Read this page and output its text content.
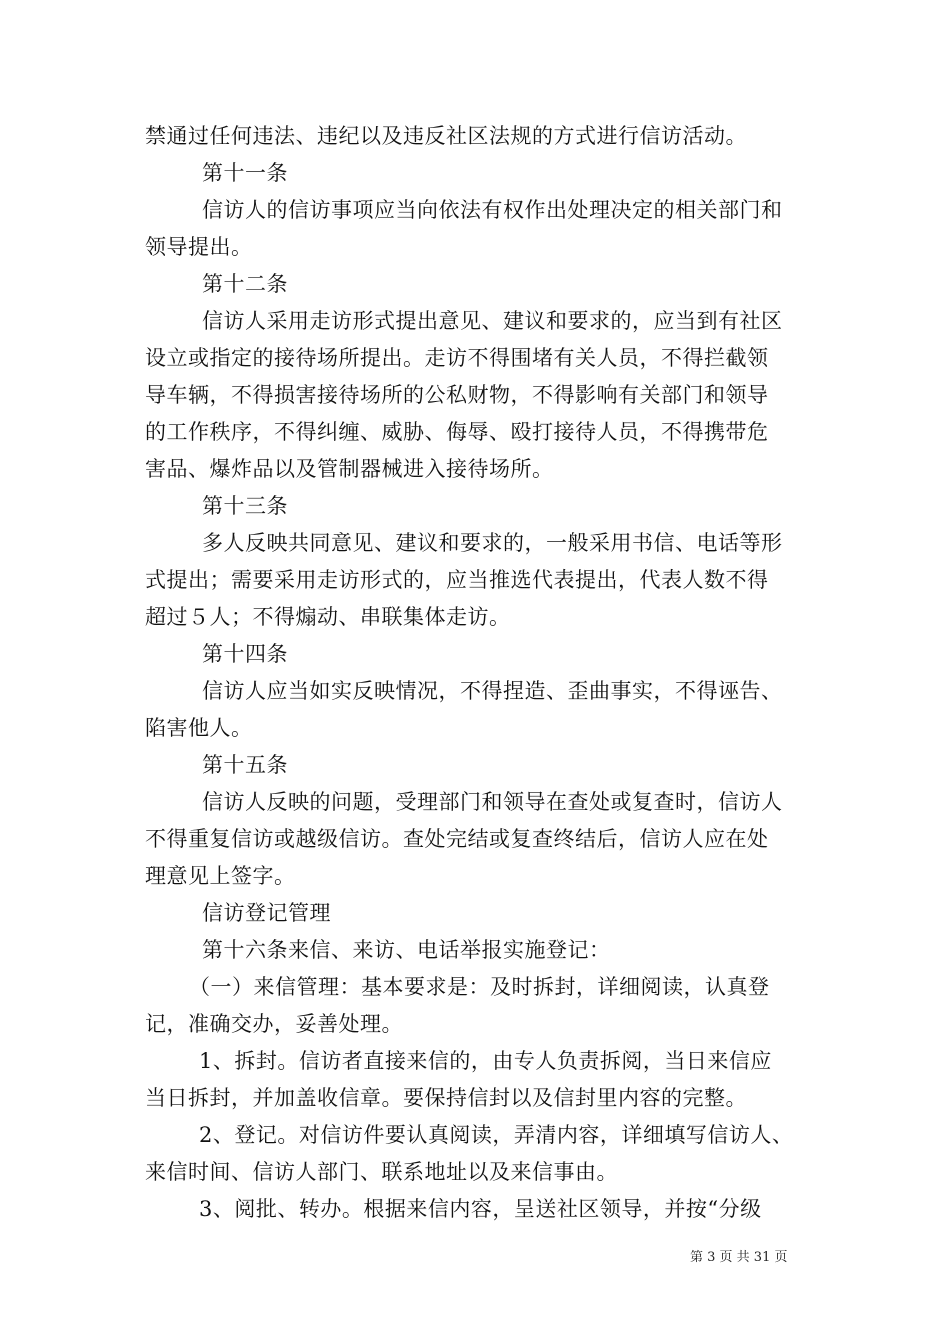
禁通过任何违法、违纪以及违反社区法规的方式进行信访活动。
第十一条
信访人的信访事项应当向依法有权作出处理决定的相关部门和
领导提出。
第十二条
信访人采用走访形式提出意见、建议和要求的，应当到有社区
设立或指定的接待场所提出。走访不得围堵有关人员，不得拦截领
导车辆，不得损害接待场所的公私财物，不得影响有关部门和领导
的工作秩序，不得纠缠、威胁、侮辱、殴打接待人员，不得携带危
害品、爆炸品以及管制器械进入接待场所。
第十三条
多人反映共同意见、建议和要求的，一般采用书信、电话等形
式提出；需要采用走访形式的，应当推选代表提出，代表人数不得
超过５人；不得煽动、串联集体走访。
第十四条
信访人应当如实反映情况，不得捏造、歪曲事实，不得诬告、
陷害他人。
第十五条
信访人反映的问题，受理部门和领导在查处或复查时，信访人
不得重复信访或越级信访。查处完结或复查终结后，信访人应在处
理意见上签字。
信访登记管理
第十六条来信、来访、电话举报实施登记：
（一）来信管理：基本要求是：及时拆封，详细阅读，认真登
记，准确交办，妥善处理。
1、拆封。信访者直接来信的，由专人负责拆阅，当日来信应
当日拆封，并加盖收信章。要保持信封以及信封里内容的完整。
2、登记。对信访件要认真阅读，弄清内容，详细填写信访人、
来信时间、信访人部门、联系地址以及来信事由。
3、阅批、转办。根据来信内容，呈送社区领导，并按“分级
第 3 页 共 31 页
